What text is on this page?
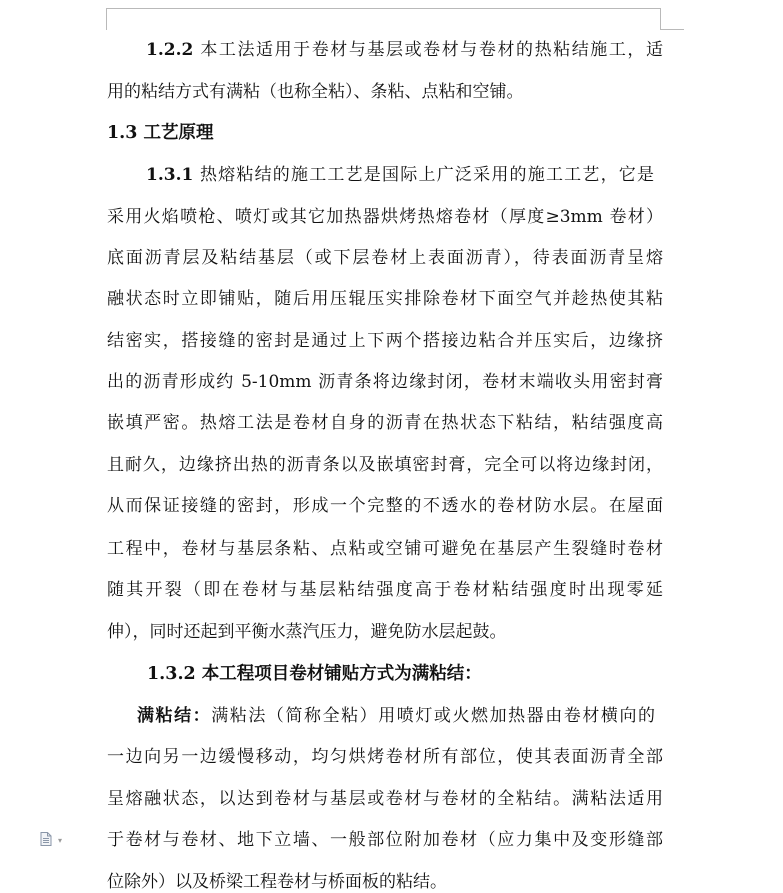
1.2.2 本工法适用于卷材与基层或卷材与卷材的热粘结施工，适
用的粘结方式有满粘（也称全粘）、条粘、点粘和空铺。
1.3 工艺原理
1.3.1 热熔粘结的施工工艺是国际上广泛采用的施工工艺，它是
采用火焰喷枪、喷灯或其它加热器烘烤热熔卷材（厚度≥3mm 卷材）
底面沥青层及粘结基层（或下层卷材上表面沥青），待表面沥青呈熔
融状态时立即铺贴，随后用压辊压实排除卷材下面空气并趁热使其粘
结密实，搭接缝的密封是通过上下两个搭接边粘合并压实后，边缘挤
出的沥青形成约 5-10mm 沥青条将边缘封闭，卷材末端收头用密封膏
嵌填严密。热熔工法是卷材自身的沥青在热状态下粘结，粘结强度高
且耐久，边缘挤出热的沥青条以及嵌填密封膏，完全可以将边缘封闭，
从而保证接缝的密封，形成一个完整的不透水的卷材防水层。在屋面
工程中，卷材与基层条粘、点粘或空铺可避免在基层产生裂缝时卷材
随其开裂（即在卷材与基层粘结强度高于卷材粘结强度时出现零延
伸），同时还起到平衡水蒸汽压力，避免防水层起鼓。
1.3.2 本工程项目卷材铺贴方式为满粘结：
满粘结：满粘法（简称全粘）用喷灯或火燃加热器由卷材横向的
一边向另一边缓慢移动，均匀烘烤卷材所有部位，使其表面沥青全部
呈熔融状态，以达到卷材与基层或卷材与卷材的全粘结。满粘法适用
于卷材与卷材、地下立墙、一般部位附加卷材（应力集中及变形缝部
位除外）以及桥梁工程卷材与桥面板的粘结。
▾
